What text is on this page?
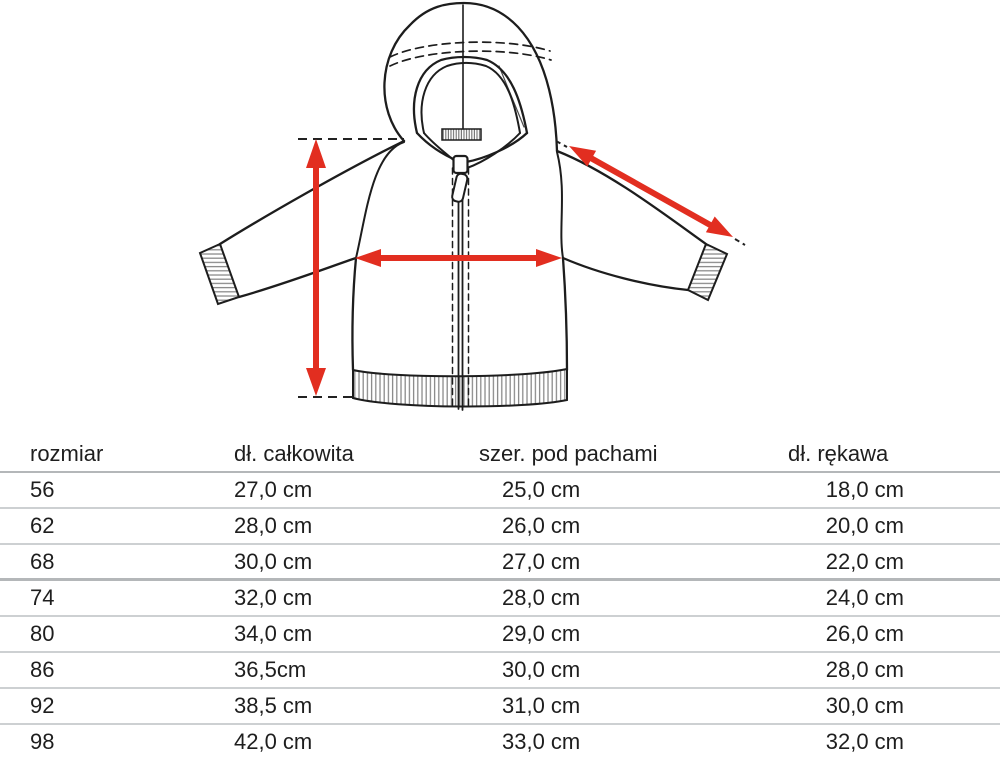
rozmiar	dł. całkowita	szer. pod pachami	dł. rękawa
56	27,0 cm	25,0 cm	18,0 cm
62	28,0 cm	26,0 cm	20,0 cm
68	30,0 cm	27,0 cm	22,0 cm
74	32,0 cm	28,0 cm	24,0 cm
80	34,0 cm	29,0 cm	26,0 cm
86	36,5cm	30,0 cm	28,0 cm
92	38,5 cm	31,0 cm	30,0 cm
98	42,0 cm	33,0 cm	32,0 cm
